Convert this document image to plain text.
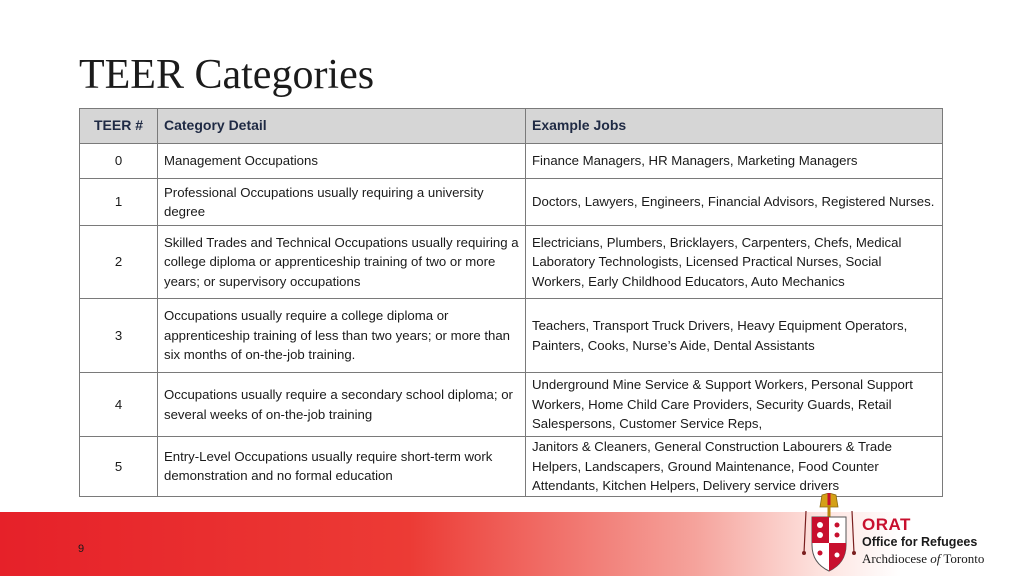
TEER Categories
TEER #	Category Detail	Example Jobs
0	Management Occupations	Finance Managers, HR Managers, Marketing Managers
1	Professional Occupations usually requiring a university degree	Doctors, Lawyers, Engineers, Financial Advisors, Registered Nurses.
2	Skilled Trades and Technical Occupations usually requiring a college diploma or apprenticeship training of two or more years; or supervisory occupations	Electricians, Plumbers, Bricklayers, Carpenters, Chefs, Medical Laboratory Technologists, Licensed Practical Nurses, Social Workers, Early Childhood Educators, Auto Mechanics
3	Occupations usually require a college diploma or apprenticeship training of less than two years; or more than six months of on-the-job training.	Teachers, Transport Truck Drivers, Heavy Equipment Operators, Painters, Cooks, Nurse’s Aide, Dental Assistants
4	Occupations usually require a secondary school diploma; or several weeks of on-the-job training	Underground Mine Service & Support Workers, Personal Support Workers, Home Child Care Providers, Security Guards, Retail Salespersons, Customer Service Reps,
5	Entry-Level Occupations usually require short-term work demonstration and no formal education	Janitors & Cleaners, General Construction Labourers & Trade Helpers, Landscapers, Ground Maintenance, Food Counter Attendants, Kitchen Helpers, Delivery service drivers
9
ORAT
Office for Refugees
Archdiocese of Toronto
